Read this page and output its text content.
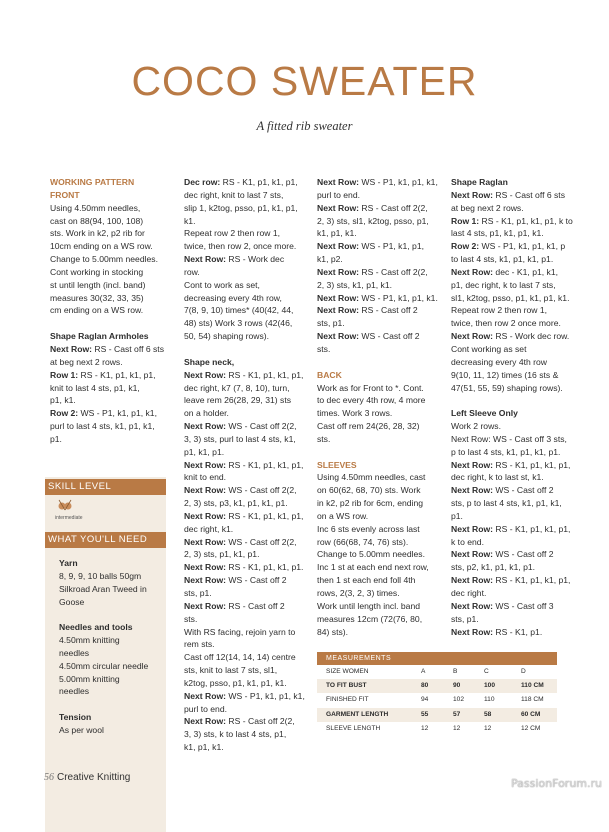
COCO SWEATER
A fitted rib sweater
WORKING PATTERN
FRONT
Using 4.50mm needles,
cast on 88(94, 100, 108)
sts. Work in k2, p2 rib for
10cm ending on a WS row.
Change to 5.00mm needles.
Cont working in stocking
st until length (incl. band)
measures 30(32, 33, 35)
cm ending on a WS row.
Shape Raglan Armholes
Next Row: RS - Cast off 6 sts
at beg next 2 rows.
Row 1: RS - K1, p1, k1, p1,
knit to last 4 sts, p1, k1,
p1, k1.
Row 2: WS - P1, k1, p1, k1,
purl to last 4 sts, k1, p1, k1,
p1.
Dec row: RS - K1, p1, k1, p1,
dec right, knit to last 7 sts,
slip 1, k2tog, psso, p1, k1, p1,
k1.
Repeat row 2 then row 1,
twice, then row 2, once more.
Next Row: RS - Work dec
row.
Cont to work as set,
decreasing every 4th row,
7(8, 9, 10) times* (40(42, 44,
48) sts) Work 3 rows (42(46,
50, 54) shaping rows).
Shape neck,
Next Row: RS - K1, p1, k1, p1,
dec right, k7 (7, 8, 10), turn,
leave rem 26(28, 29, 31) sts
on a holder.
Next Row: WS - Cast off 2(2,
3, 3) sts, purl to last 4 sts, k1,
p1, k1, p1.
Next Row: RS - K1, p1, k1, p1,
knit to end.
Next Row: WS - Cast off 2(2,
2, 3) sts, p3, k1, p1, k1, p1.
Next Row: RS - K1, p1, k1, p1,
dec right, k1.
Next Row: WS - Cast off 2(2,
2, 3) sts, p1, k1, p1.
Next Row: RS - K1, p1, k1, p1.
Next Row: WS - Cast off 2
sts, p1.
Next Row: RS - Cast off 2
sts.
With RS facing, rejoin yarn to
rem sts.
Cast off 12(14, 14, 14) centre
sts, knit to last 7 sts, sl1,
k2tog, psso, p1, k1, p1, k1.
Next Row: WS - P1, k1, p1, k1,
purl to end.
Next Row: RS - Cast off 2(2,
3, 3) sts, k to last 4 sts, p1,
k1, p1, k1.
Next Row: WS - P1, k1, p1, k1,
purl to end.
Next Row: RS - Cast off 2(2,
2, 3) sts, sl1, k2tog, psso, p1,
k1, p1, k1.
Next Row: WS - P1, k1, p1,
k1, p2.
Next Row: RS - Cast off 2(2,
2, 3) sts, k1, p1, k1.
Next Row: WS - P1, k1, p1, k1.
Next Row: RS - Cast off 2
sts, p1.
Next Row: WS - Cast off 2
sts.
BACK
Work as for Front to *. Cont.
to dec every 4th row, 4 more
times. Work 3 rows.
Cast off rem 24(26, 28, 32)
sts.
SLEEVES
Using 4.50mm needles, cast
on 60(62, 68, 70) sts. Work
in k2, p2 rib for 6cm, ending
on a WS row.
Inc 6 sts evenly across last
row (66(68, 74, 76) sts).
Change to 5.00mm needles.
Inc 1 st at each end next row,
then 1 st each end foll 4th
rows, 2(3, 2, 3) times.
Work until length incl. band
measures 12cm (72(76, 80,
84) sts).
Shape Raglan
Next Row: RS - Cast off 6 sts
at beg next 2 rows.
Row 1: RS - K1, p1, k1, p1, k to
last 4 sts, p1, k1, p1, k1.
Row 2: WS - P1, k1, p1, k1, p
to last 4 sts, k1, p1, k1, p1.
Next Row: dec - K1, p1, k1,
p1, dec right, k to last 7 sts,
sl1, k2tog, psso, p1, k1, p1, k1.
Repeat row 2 then row 1,
twice, then row 2 once more.
Next Row: RS - Work dec row.
Cont working as set
decreasing every 4th row
9(10, 11, 12) times (16 sts &
47(51, 55, 59) shaping rows).
Left Sleeve Only
Work 2 rows.
Next Row: WS - Cast off 3 sts,
p to last 4 sts, k1, p1, k1, p1.
Next Row: RS - K1, p1, k1, p1,
dec right, k to last st, k1.
Next Row: WS - Cast off 2
sts, p to last 4 sts, k1, p1, k1,
p1.
Next Row: RS - K1, p1, k1, p1,
k to end.
Next Row: WS - Cast off 2
sts, p2, k1, p1, k1, p1.
Next Row: RS - K1, p1, k1, p1,
dec right.
Next Row: WS - Cast off 3
sts, p1.
Next Row: RS - K1, p1.
SKILL LEVEL
intermediate
WHAT YOU'LL NEED
Yarn
8, 9, 9, 10 balls 50gm
Silkroad Aran Tweed in
Goose
Needles and tools
4.50mm knitting
needles
4.50mm circular needle
5.00mm knitting
needles
Tension
As per wool
MEASUREMENTS
SIZE WOMEN	A	B	C	D
TO FIT BUST	80	90	100	110 CM
FINISHED FIT	94	102	110	118 CM
GARMENT LENGTH	55	57	58	60 CM
SLEEVE LENGTH	12	12	12	12 CM
56 Creative Knitting	PassionForum.ru
